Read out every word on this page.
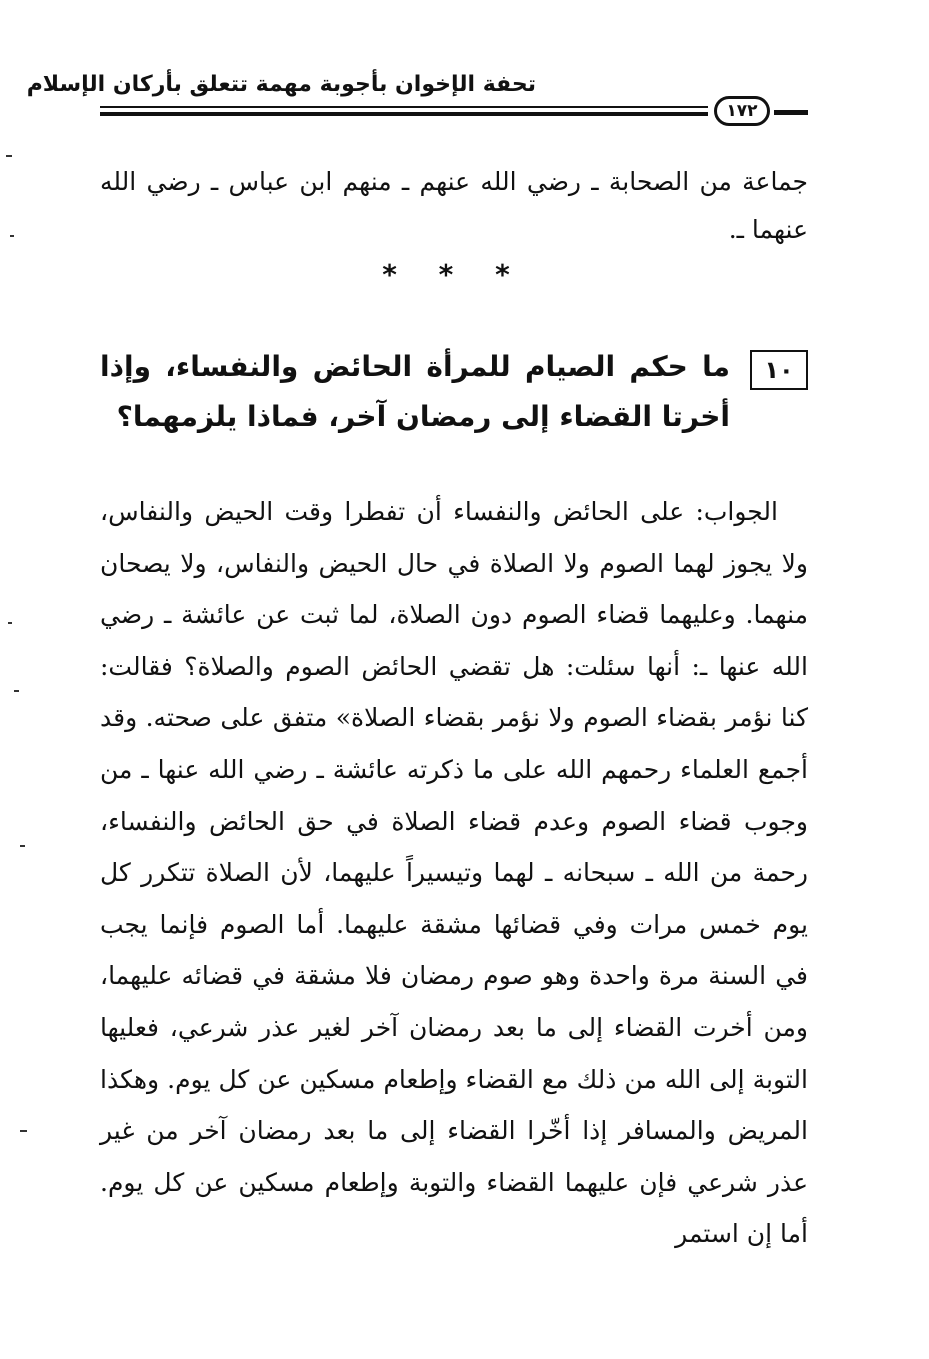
تحفة الإخوان بأجوبة مهمة تتعلق بأركان الإسلام
١٧٢
جماعة من الصحابة ـ رضي الله عنهم ـ منهم ابن عباس ـ رضي الله عنهما ـ.
* * *
١٠
ما حكم الصيام للمرأة الحائض والنفساء، وإذا أخرتا القضاء إلى رمضان آخر، فماذا يلزمهما؟

الجواب: على الحائض والنفساء أن تفطرا وقت الحيض والنفاس، ولا يجوز لهما الصوم ولا الصلاة في حال الحيض والنفاس، ولا يصحان منهما. وعليهما قضاء الصوم دون الصلاة، لما ثبت عن عائشة ـ رضي الله عنها ـ: أنها سئلت: هل تقضي الحائض الصوم والصلاة؟ فقالت: كنا نؤمر بقضاء الصوم ولا نؤمر بقضاء الصلاة» متفق على صحته. وقد أجمع العلماء رحمهم الله على ما ذكرته عائشة ـ رضي الله عنها ـ من وجوب قضاء الصوم وعدم قضاء الصلاة في حق الحائض والنفساء، رحمة من الله ـ سبحانه ـ لهما وتيسيراً عليهما، لأن الصلاة تتكرر كل يوم خمس مرات وفي قضائها مشقة عليهما. أما الصوم فإنما يجب في السنة مرة واحدة وهو صوم رمضان فلا مشقة في قضائه عليهما، ومن أخرت القضاء إلى ما بعد رمضان آخر لغير عذر شرعي، فعليها التوبة إلى الله من ذلك مع القضاء وإطعام مسكين عن كل يوم. وهكذا المريض والمسافر إذا أخّرا القضاء إلى ما بعد رمضان آخر من غير عذر شرعي فإن عليهما القضاء والتوبة وإطعام مسكين عن كل يوم. أما إن استمر
